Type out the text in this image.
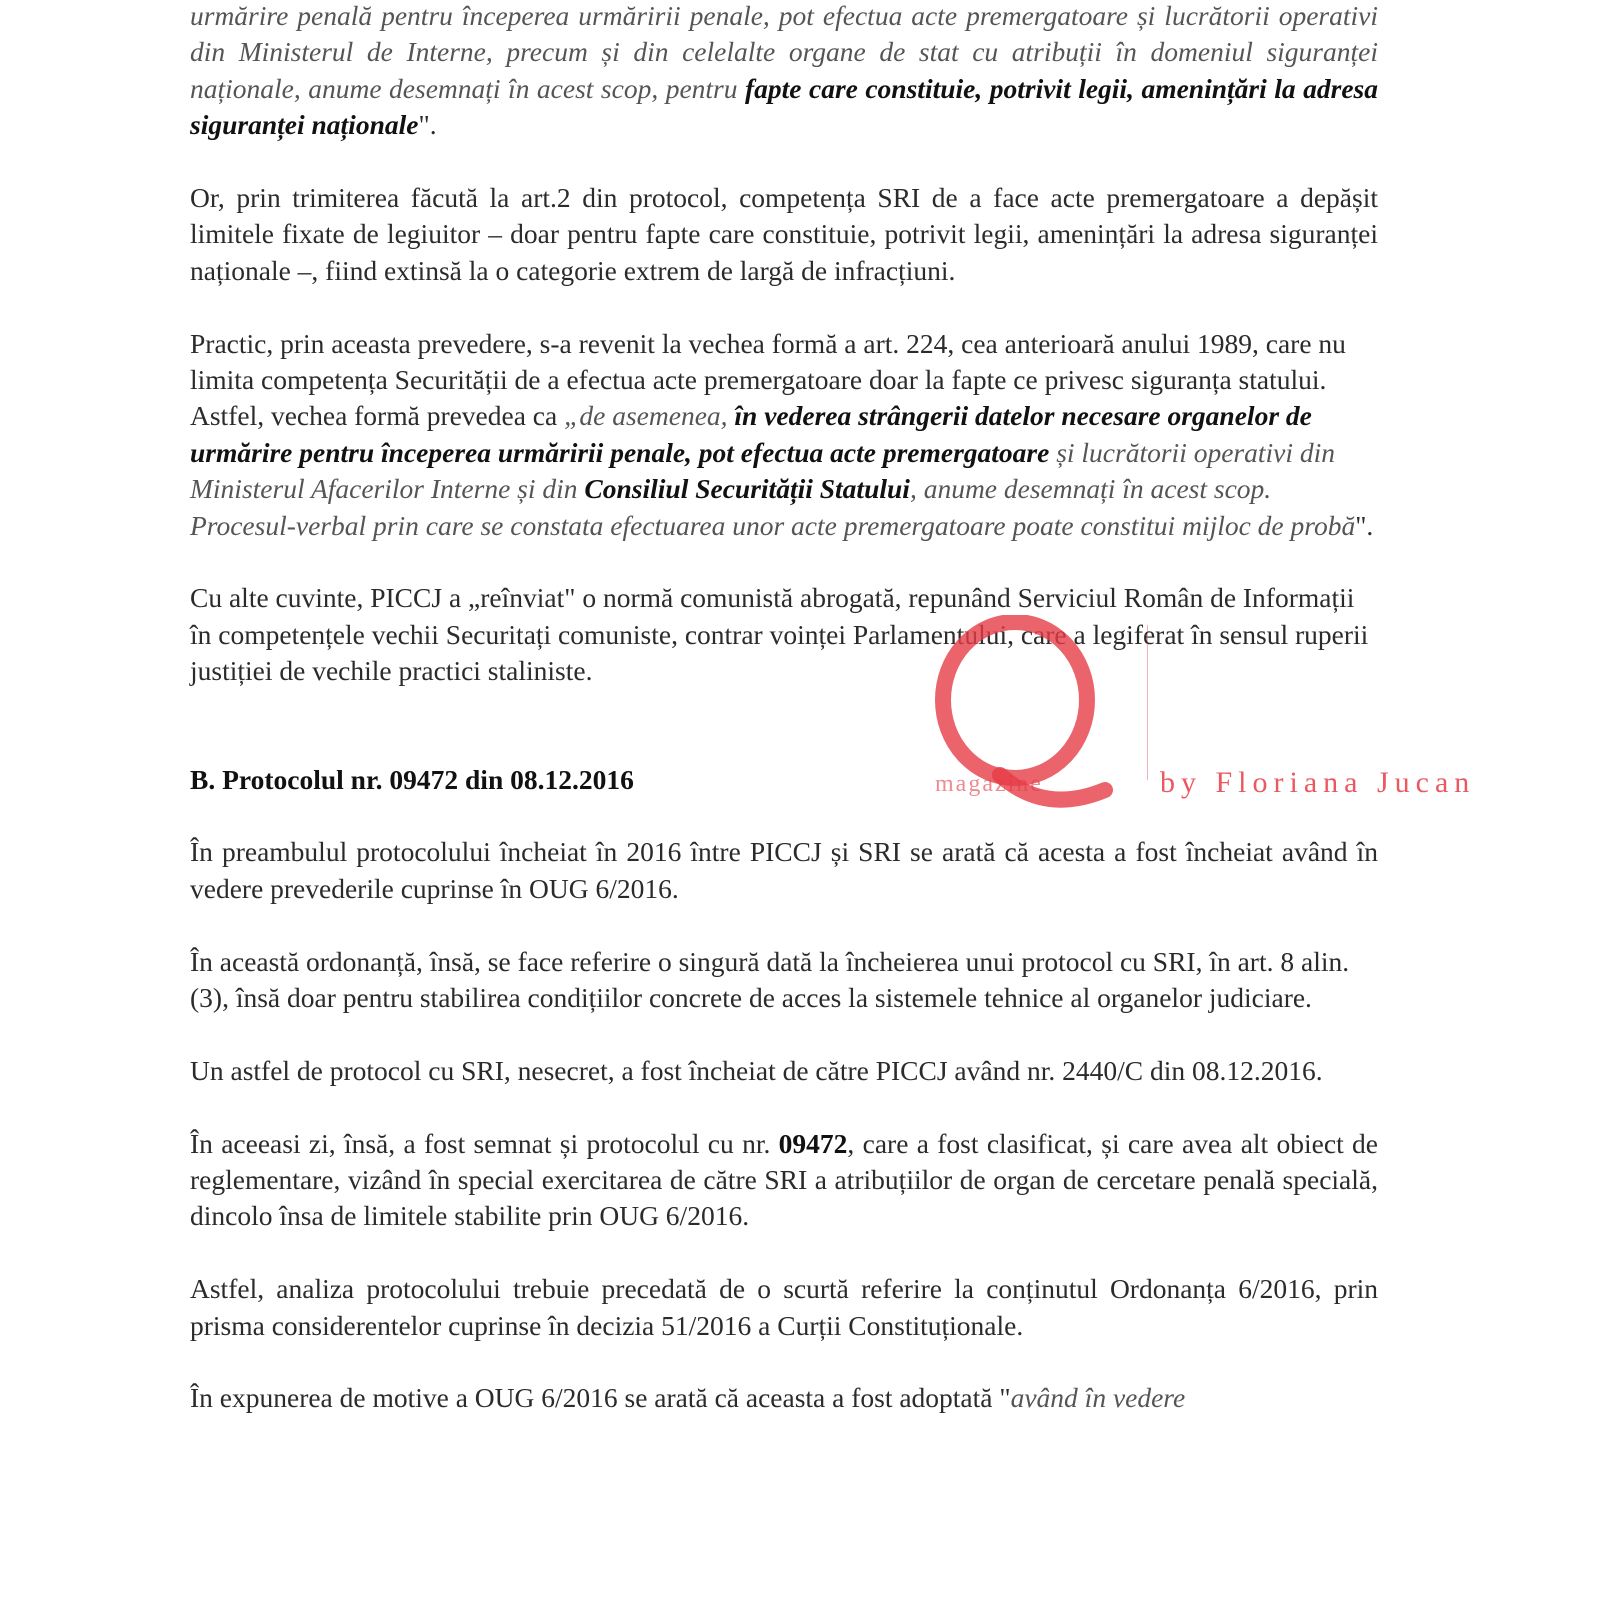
urmărire penală pentru începerea urmăririi penale, pot efectua acte premergatoare și lucrătorii operativi din Ministerul de Interne, precum și din celelalte organe de stat cu atribuții în domeniul siguranței naționale, anume desemnați în acest scop, pentru fapte care constituie, potrivit legii, amenințări la adresa siguranței naționale".

Or, prin trimiterea făcută la art.2 din protocol, competența SRI de a face acte premergatoare a depășit limitele fixate de legiuitor – doar pentru fapte care constituie, potrivit legii, amenințări la adresa siguranței naționale –, fiind extinsă la o categorie extrem de largă de infracțiuni.

Practic, prin aceasta prevedere, s-a revenit la vechea formă a art. 224, cea anterioară anului 1989, care nu limita competența Securității de a efectua acte premergatoare doar la fapte ce privesc siguranța statului. Astfel, vechea formă prevedea ca „de asemenea, în vederea strângerii datelor necesare organelor de urmărire pentru începerea urmăririi penale, pot efectua acte premergatoare și lucrătorii operativi din Ministerul Afacerilor Interne și din Consiliul Securității Statului, anume desemnați în acest scop. Procesul-verbal prin care se constata efectuarea unor acte premergatoare poate constitui mijloc de probă".

Cu alte cuvinte, PICCJ a „reînviat" o normă comunistă abrogată, repunând Serviciul Român de Informații în competențele vechii Securitați comuniste, contrar voinței Parlamentului, care a legiferat în sensul ruperii justiției de vechile practici staliniste.

B. Protocolul nr. 09472 din 08.12.2016

În preambulul protocolului încheiat în 2016 între PICCJ și SRI se arată că acesta a fost încheiat având în vedere prevederile cuprinse în OUG 6/2016.

În această ordonanță, însă, se face referire o singură dată la încheierea unui protocol cu SRI, în art. 8 alin. (3), însă doar pentru stabilirea condițiilor concrete de acces la sistemele tehnice al organelor judiciare.

Un astfel de protocol cu SRI, nesecret, a fost încheiat de către PICCJ având nr. 2440/C din 08.12.2016.

În aceeasi zi, însă, a fost semnat și protocolul cu nr. 09472, care a fost clasificat, și care avea alt obiect de reglementare, vizând în special exercitarea de către SRI a atribuțiilor de organ de cercetare penală specială, dincolo însa de limitele stabilite prin OUG 6/2016.

Astfel, analiza protocolului trebuie precedată de o scurtă referire la conținutul Ordonanța 6/2016, prin prisma considerentelor cuprinse în decizia 51/2016 a Curții Constituționale.

În expunerea de motive a OUG 6/2016 se arată că aceasta a fost adoptată "având în vedere

magazine	by Floriana Jucan
